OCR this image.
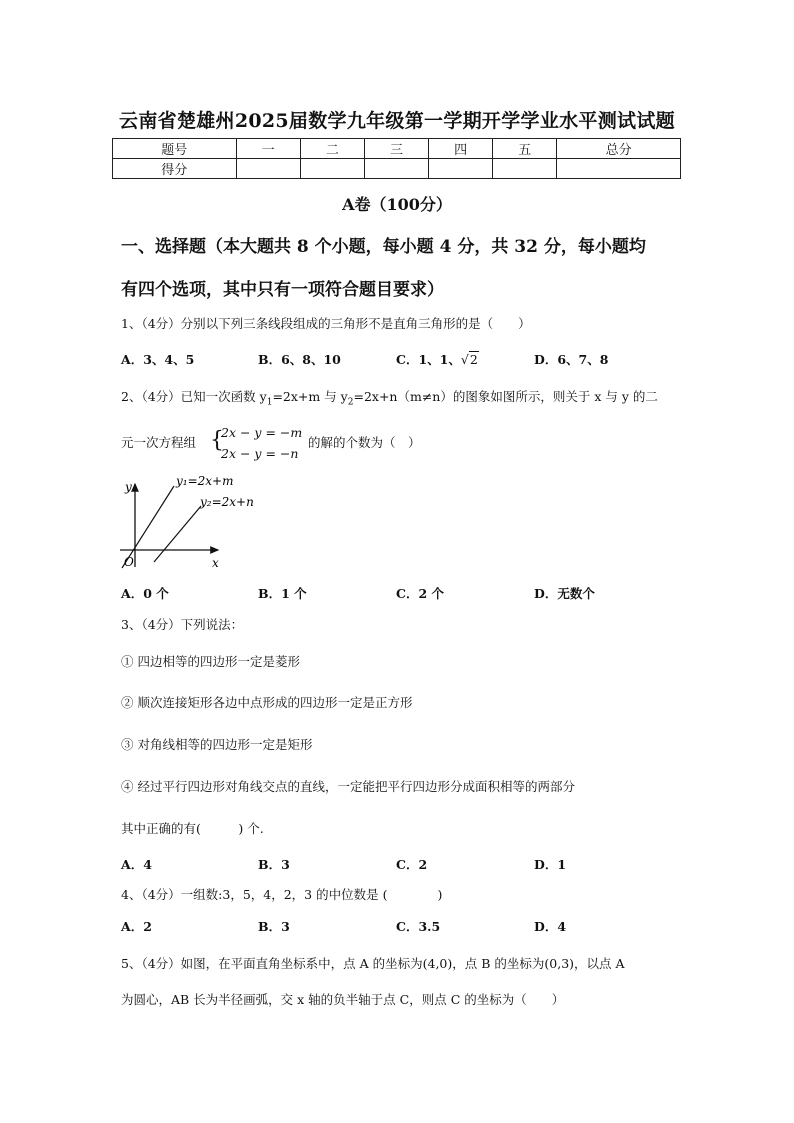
云南省楚雄州2025届数学九年级第一学期开学学业水平测试试题
题号	一	二	三	四	五	总分
得分						
A卷（100分）
一、选择题（本大题共 8 个小题，每小题 4 分，共 32 分，每小题均
有四个选项，其中只有一项符合题目要求）
1、（4分）分别以下列三条线段组成的三角形不是直角三角形的是（　　）
A．3、4、5	B．6、8、10	C．1、1、√2	D．6、7、8
2、（4分）已知一次函数 $y_1=2x+m$ 与 $y_2=2x+n(m\ne n)$的图象如图所示，则关于 x 与 y 的二
元一次方程组 {
2x − y = −m
2x − y = −n
的解的个数为（　）
y
x
O
y₁=2x+m
y₂=2x+n
A．0 个	B．1 个	C．2 个	D．无数个
3、（4分）下列说法：
① 四边相等的四边形一定是菱形
② 顺次连接矩形各边中点形成的四边形一定是正方形
③ 对角线相等的四边形一定是矩形
④ 经过平行四边形对角线交点的直线，一定能把平行四边形分成面积相等的两部分
其中正确的有(　　　) 个.
A．4	B．3	C．2	D．1
4、（4分）一组数:3，5，4，2，3 的中位数是 (　　　　)
A．2	B．3	C．3.5	D．4
5、（4分）如图，在平面直角坐标系中，点 A 的坐标为(4,0)，点 B 的坐标为(0,3)，以点 A
为圆心，AB 长为半径画弧，交 x 轴的负半轴于点 C，则点 C 的坐标为（　　）
